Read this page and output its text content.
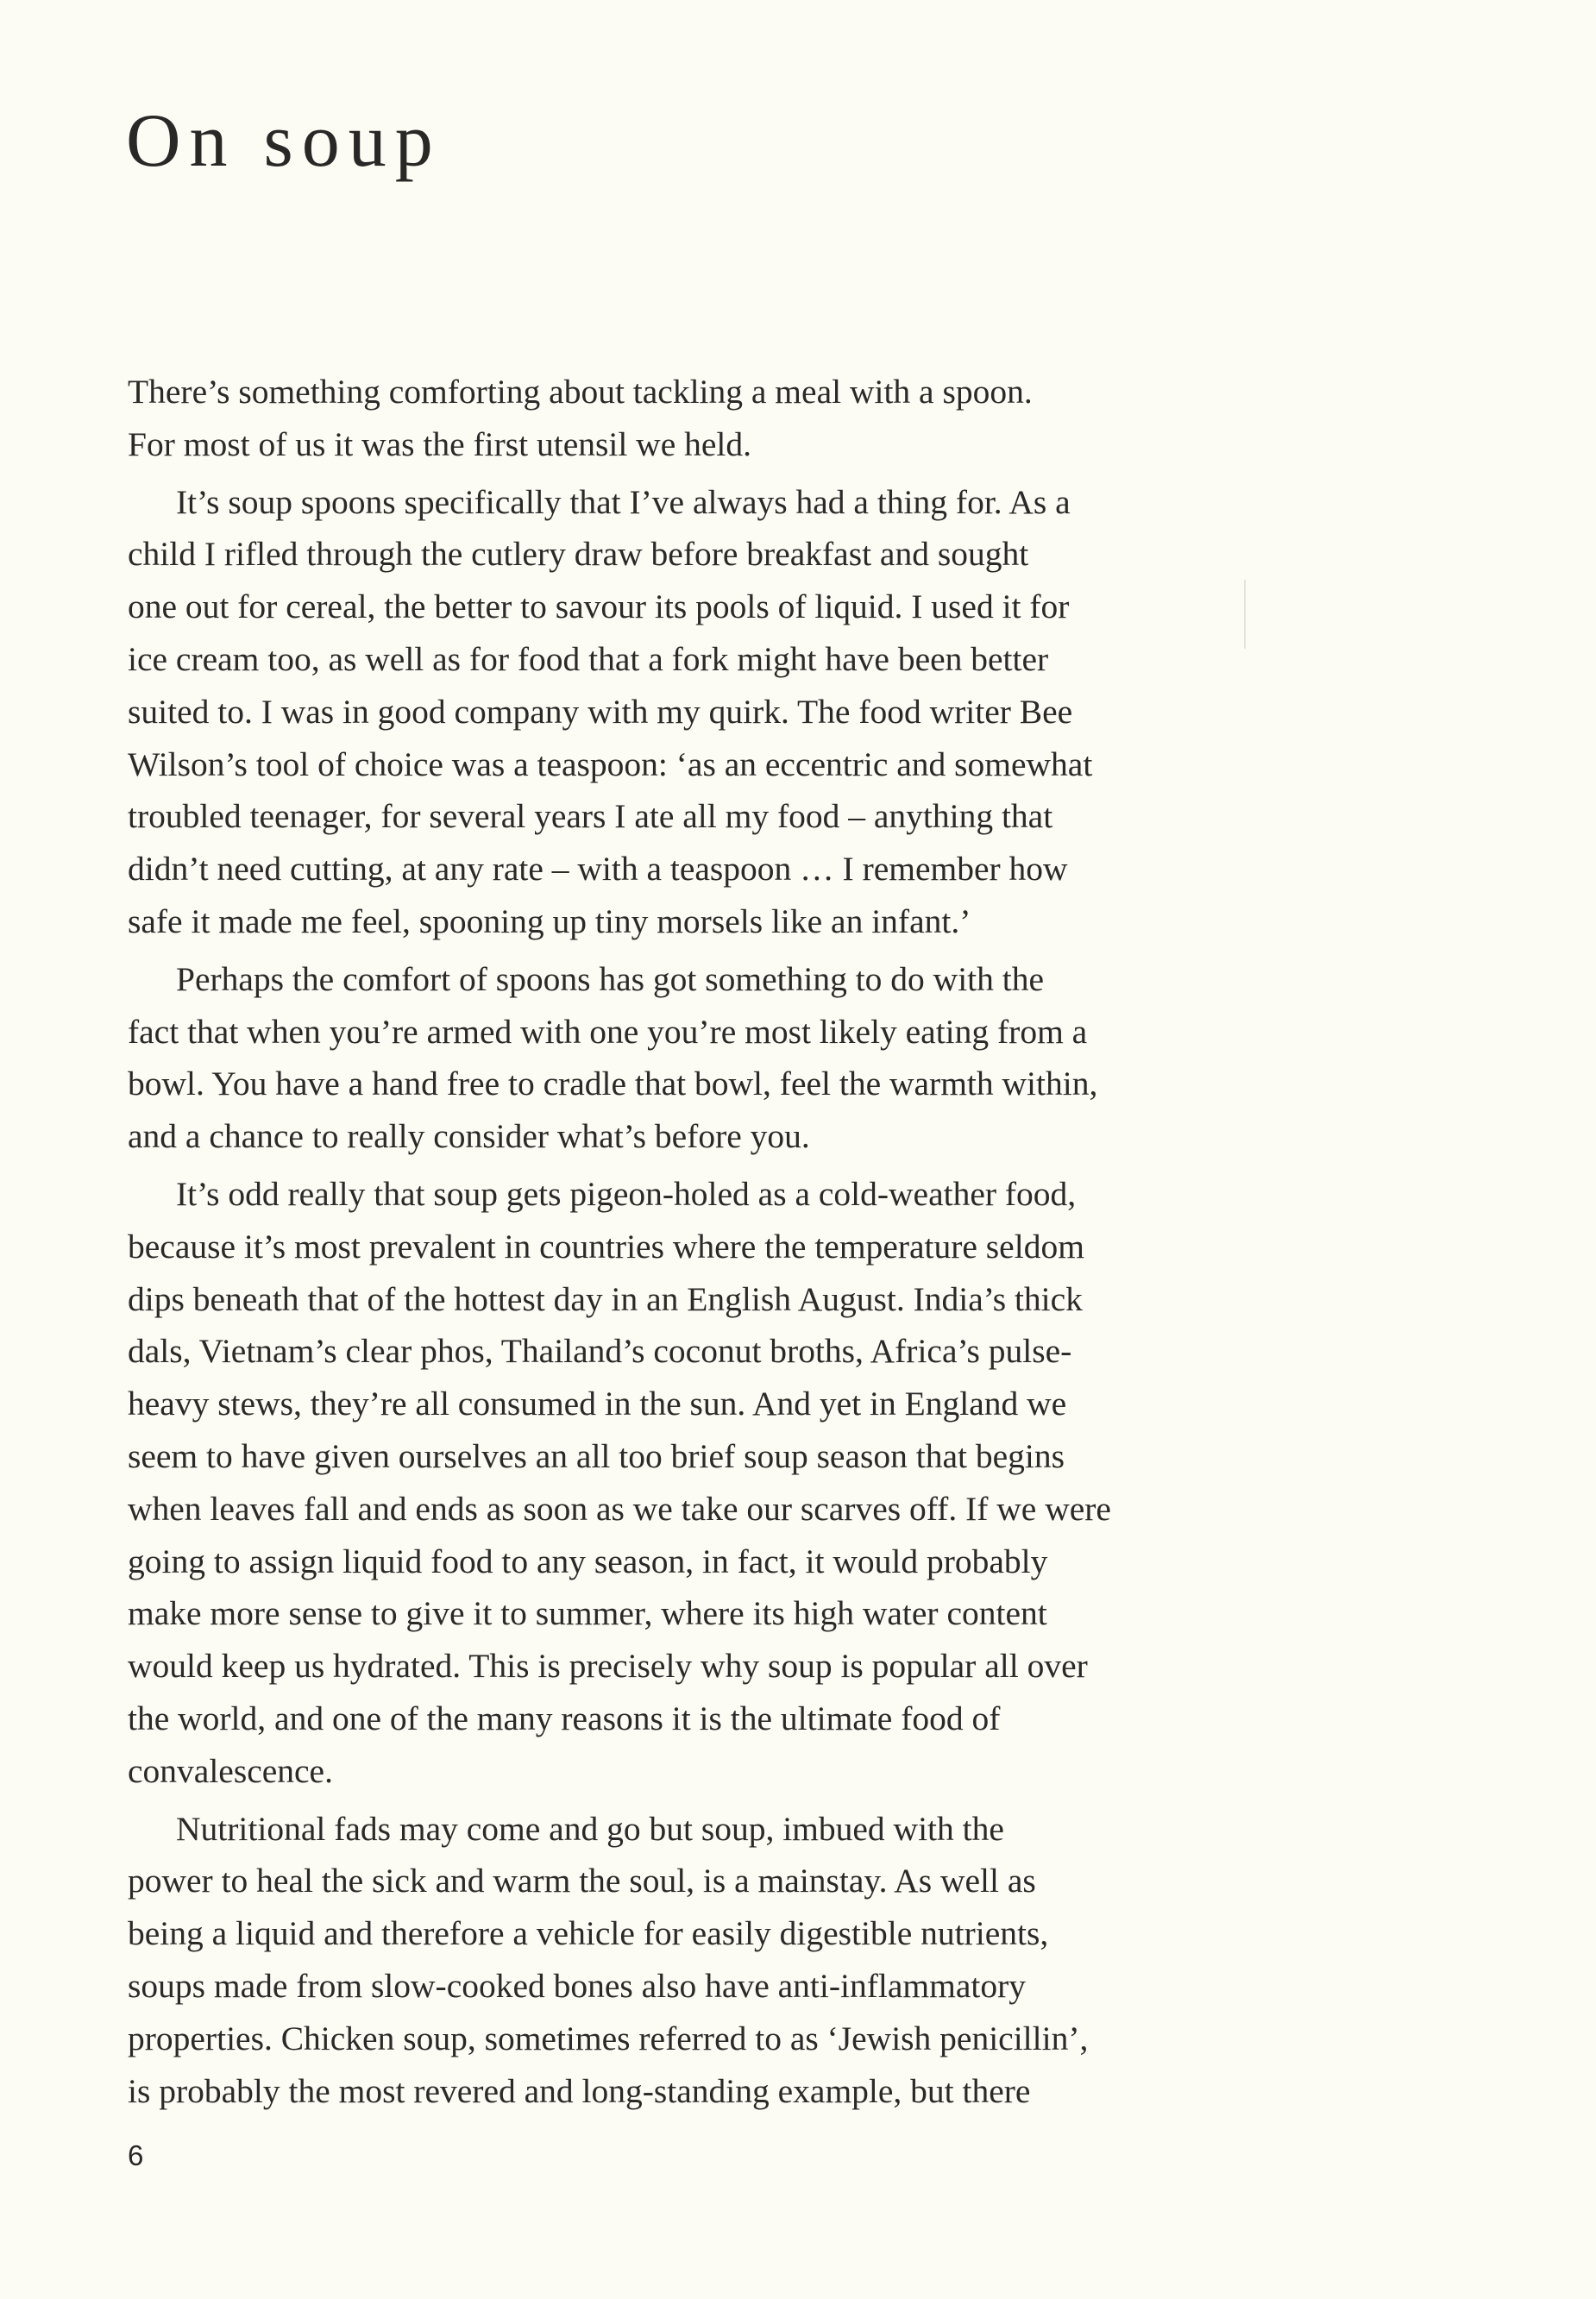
On soup

There’s something comforting about tackling a meal with a spoon.
For most of us it was the first utensil we held.

It’s soup spoons specifically that I’ve always had a thing for. As a
child I rifled through the cutlery draw before breakfast and sought
one out for cereal, the better to savour its pools of liquid. I used it for
ice cream too, as well as for food that a fork might have been better
suited to. I was in good company with my quirk. The food writer Bee
Wilson’s tool of choice was a teaspoon: ‘as an eccentric and somewhat
troubled teenager, for several years I ate all my food – anything that
didn’t need cutting, at any rate – with a teaspoon … I remember how
safe it made me feel, spooning up tiny morsels like an infant.’

Perhaps the comfort of spoons has got something to do with the
fact that when you’re armed with one you’re most likely eating from a
bowl. You have a hand free to cradle that bowl, feel the warmth within,
and a chance to really consider what’s before you.

It’s odd really that soup gets pigeon-holed as a cold-weather food,
because it’s most prevalent in countries where the temperature seldom
dips beneath that of the hottest day in an English August. India’s thick
dals, Vietnam’s clear phos, Thailand’s coconut broths, Africa’s pulse-
heavy stews, they’re all consumed in the sun. And yet in England we
seem to have given ourselves an all too brief soup season that begins
when leaves fall and ends as soon as we take our scarves off. If we were
going to assign liquid food to any season, in fact, it would probably
make more sense to give it to summer, where its high water content
would keep us hydrated. This is precisely why soup is popular all over
the world, and one of the many reasons it is the ultimate food of
convalescence.

Nutritional fads may come and go but soup, imbued with the
power to heal the sick and warm the soul, is a mainstay. As well as
being a liquid and therefore a vehicle for easily digestible nutrients,
soups made from slow-cooked bones also have anti-inflammatory
properties. Chicken soup, sometimes referred to as ‘Jewish penicillin’,
is probably the most revered and long-standing example, but there

6
